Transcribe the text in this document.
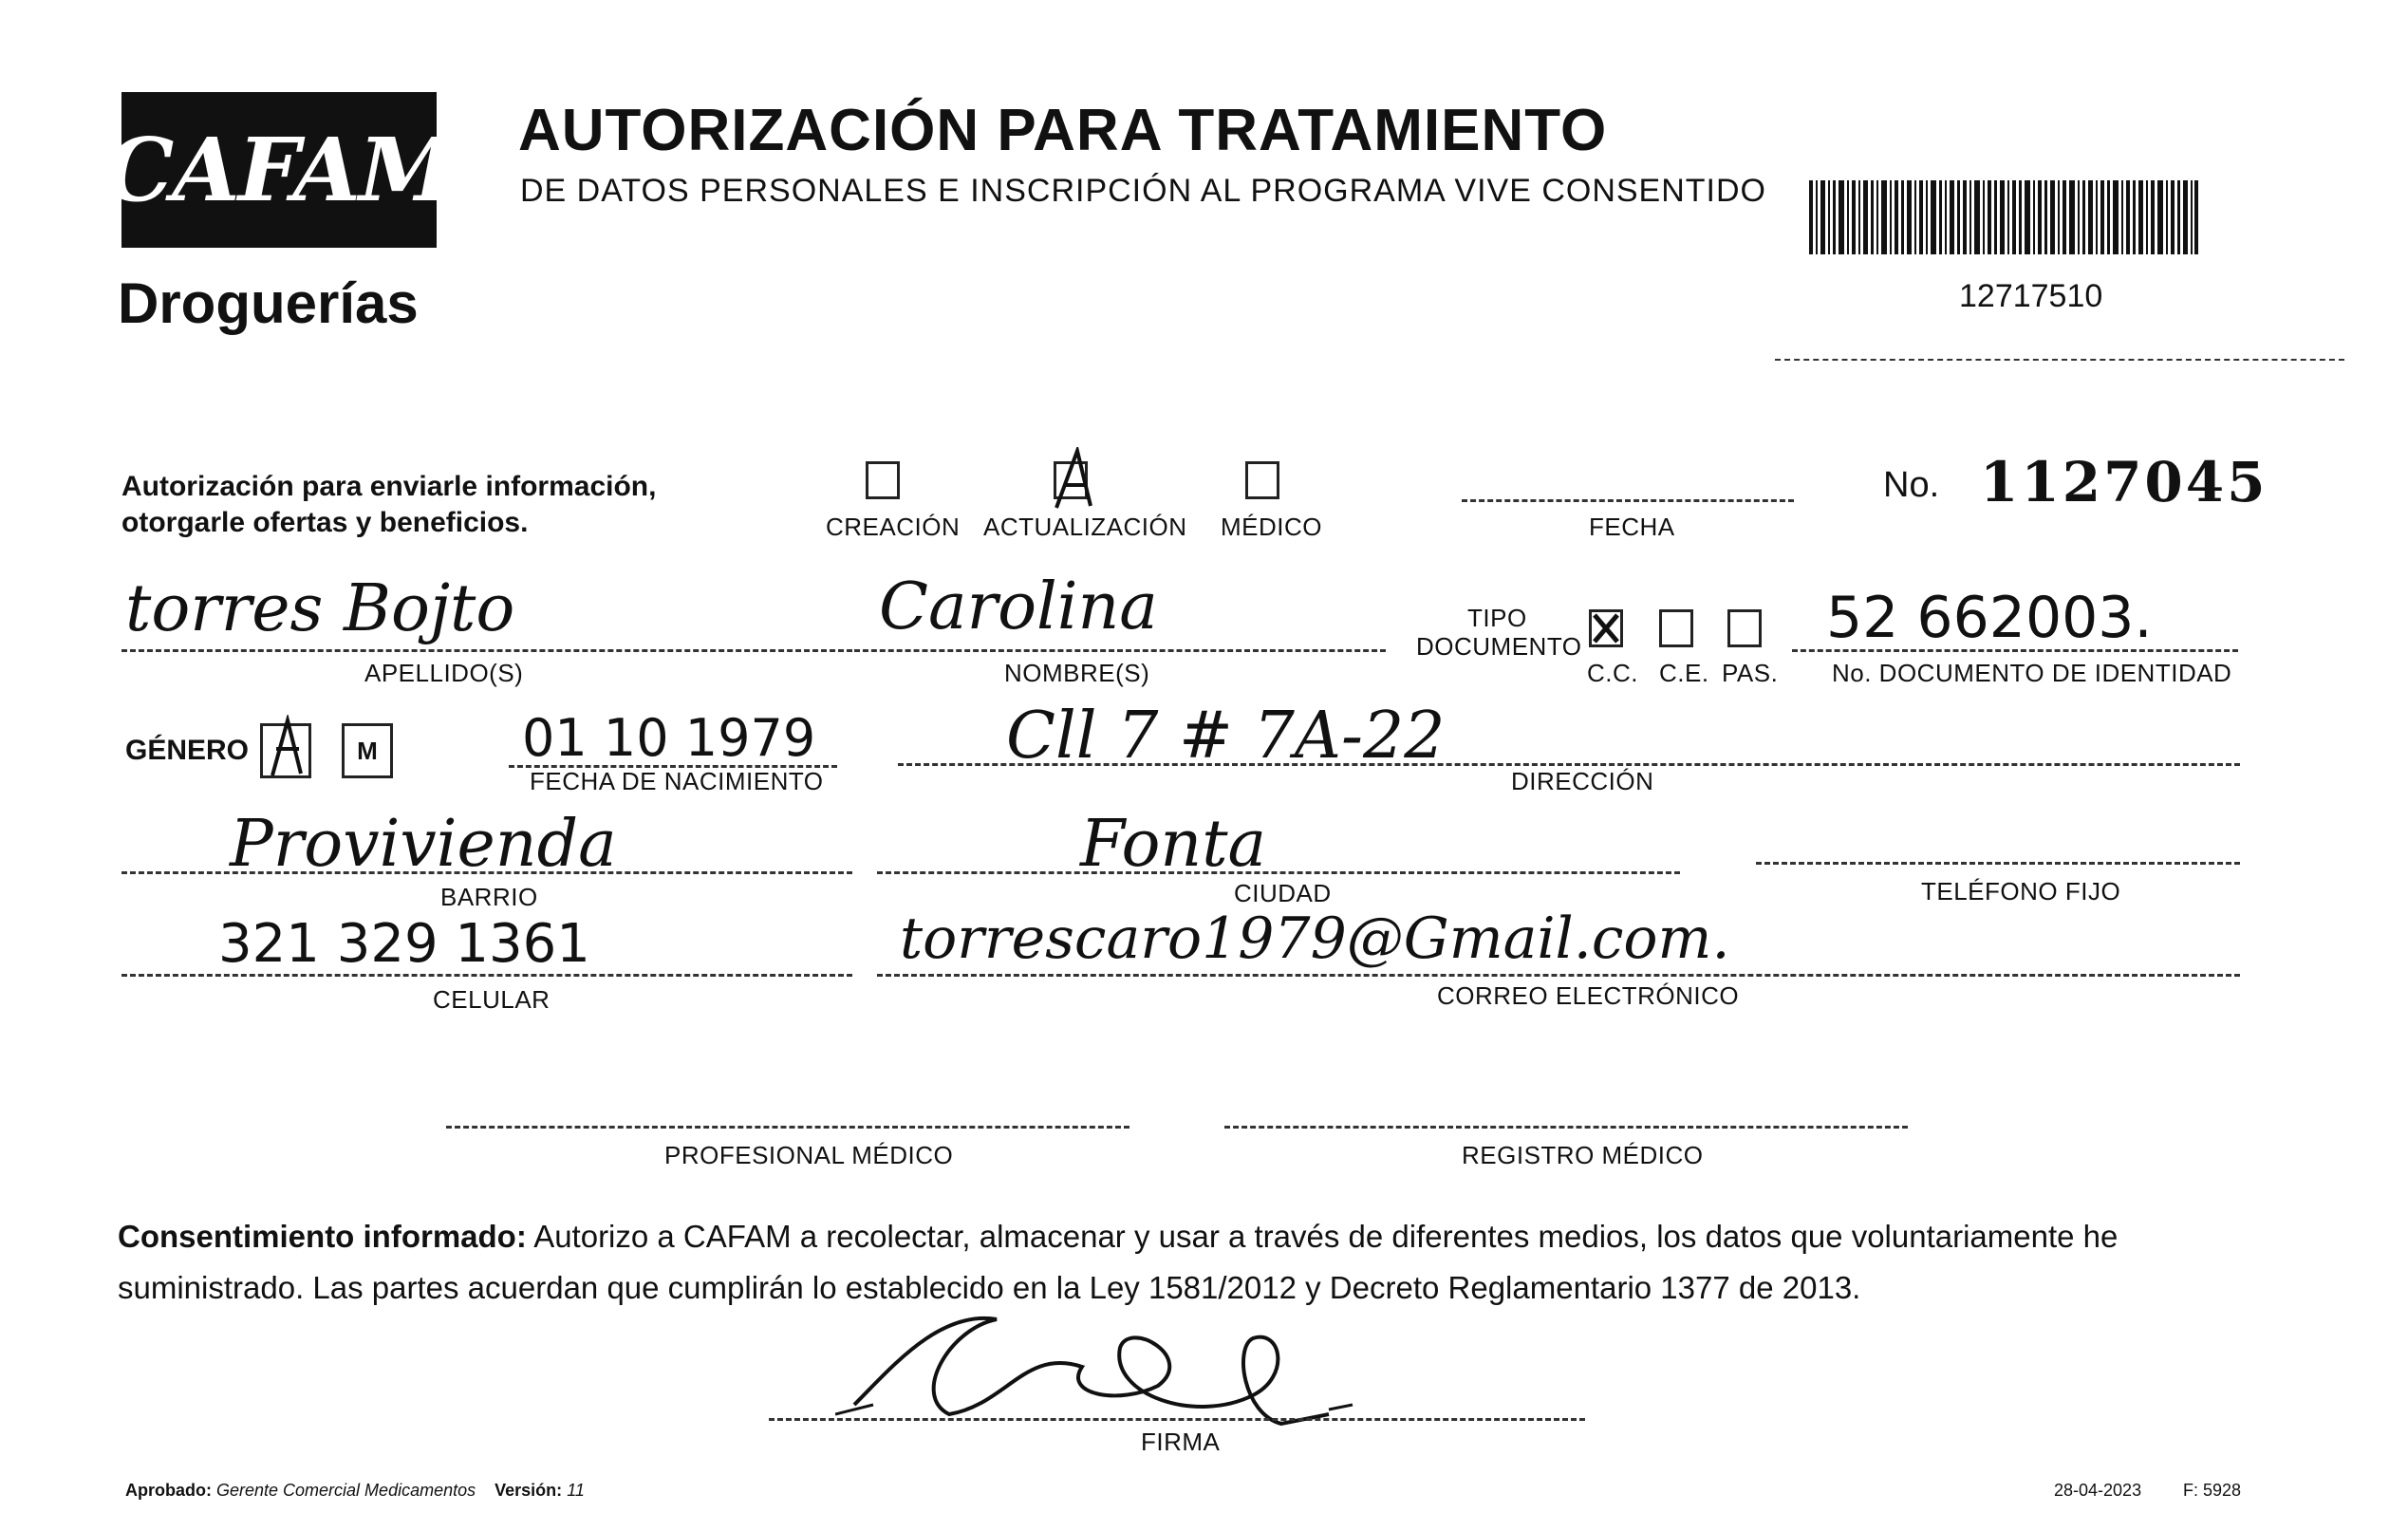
CAFAM
Droguerías
AUTORIZACIÓN PARA TRATAMIENTO
DE DATOS PERSONALES E INSCRIPCIÓN AL PROGRAMA VIVE CONSENTIDO
12717510
Autorización para enviarle información,
otorgarle ofertas y beneficios.	CREACIÓN ACTUALIZACIÓN MÉDICO	FECHA
No. 1127045
torres Bojto
APELLIDO(S)
Carolina
NOMBRE(S)
TIPO
DOCUMENTO
C.C. C.E. PAS.
52 662003.
No. DOCUMENTO DE IDENTIDAD
GÉNERO	M	01 10 1979
FECHA DE NACIMIENTO
Cll 7 # 7A-22
DIRECCIÓN
Provivienda
BARRIO
Fonta
CIUDAD	TELÉFONO FIJO
321 329 1361
CELULAR
torrescaro1979@Gmail.com.
CORREO ELECTRÓNICO
PROFESIONAL MÉDICO	REGISTRO MÉDICO
Consentimiento informado: Autorizo a CAFAM a recolectar, almacenar y usar a través de diferentes medios, los datos que voluntariamente he suministrado. Las partes acuerdan que cumplirán lo establecido en la Ley 1581/2012 y Decreto Reglamentario 1377 de 2013.
FIRMA
Aprobado: Gerente Comercial Medicamentos Versión: 11	28-04-2023 F: 5928
